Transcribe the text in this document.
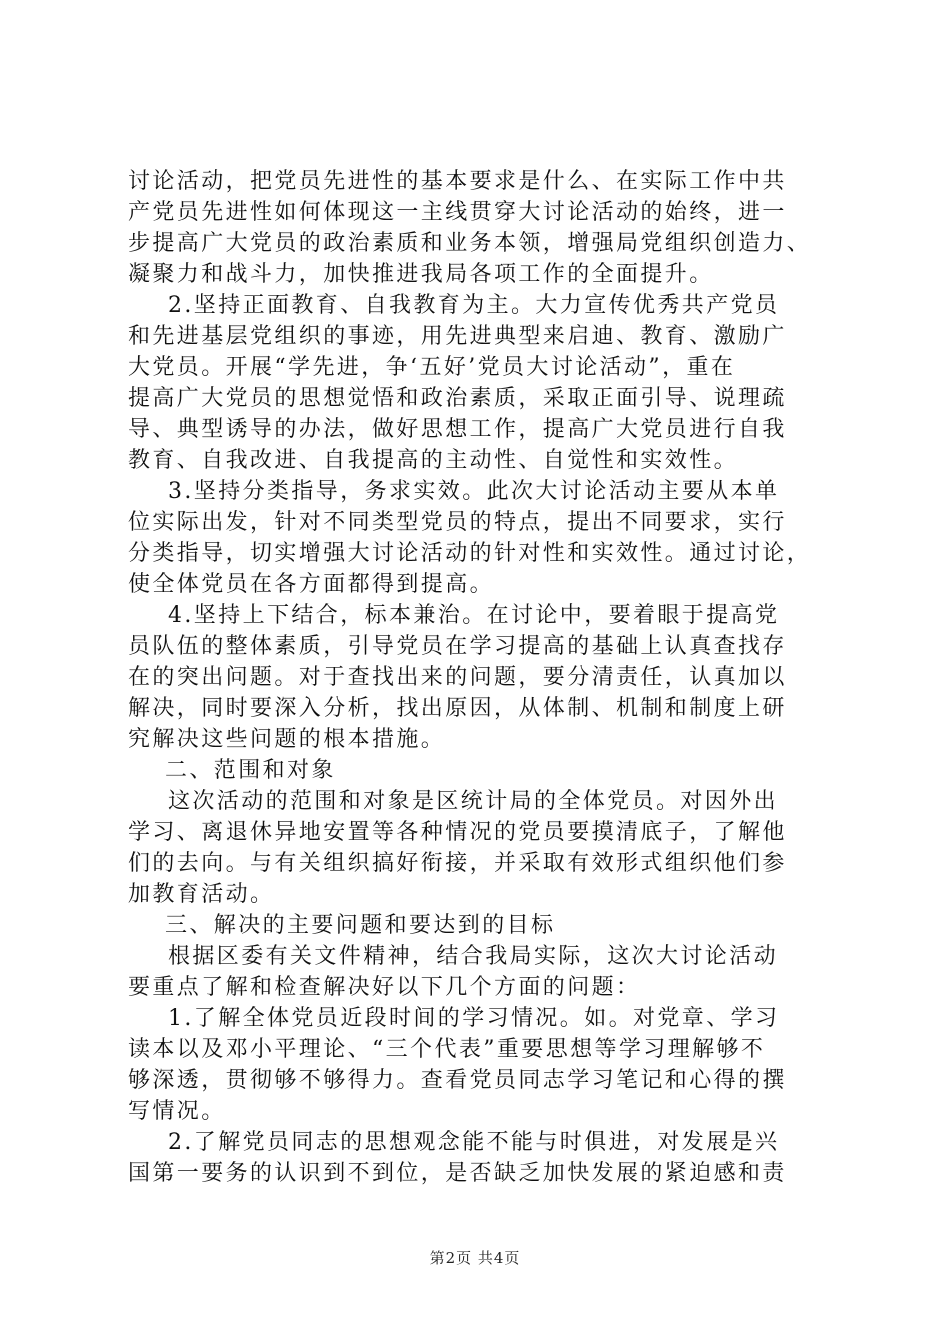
讨论活动，把党员先进性的基本要求是什么、在实际工作中共
产党员先进性如何体现这一主线贯穿大讨论活动的始终，进一
步提高广大党员的政治素质和业务本领，增强局党组织创造力、
凝聚力和战斗力，加快推进我局各项工作的全面提升。
2.坚持正面教育、自我教育为主。大力宣传优秀共产党员
和先进基层党组织的事迹，用先进典型来启迪、教育、激励广
大党员。开展“学先进，争‘五好’党员大讨论活动”，重在
提高广大党员的思想觉悟和政治素质，采取正面引导、说理疏
导、典型诱导的办法，做好思想工作，提高广大党员进行自我
教育、自我改进、自我提高的主动性、自觉性和实效性。
3.坚持分类指导，务求实效。此次大讨论活动主要从本单
位实际出发，针对不同类型党员的特点，提出不同要求，实行
分类指导，切实增强大讨论活动的针对性和实效性。通过讨论，
使全体党员在各方面都得到提高。
4.坚持上下结合，标本兼治。在讨论中，要着眼于提高党
员队伍的整体素质，引导党员在学习提高的基础上认真查找存
在的突出问题。对于查找出来的问题，要分清责任，认真加以
解决，同时要深入分析，找出原因，从体制、机制和制度上研
究解决这些问题的根本措施。
二、范围和对象
这次活动的范围和对象是区统计局的全体党员。对因外出
学习、离退休异地安置等各种情况的党员要摸清底子，了解他
们的去向。与有关组织搞好衔接，并采取有效形式组织他们参
加教育活动。
三、解决的主要问题和要达到的目标
根据区委有关文件精神，结合我局实际，这次大讨论活动
要重点了解和检查解决好以下几个方面的问题：
1.了解全体党员近段时间的学习情况。如。对党章、学习
读本以及邓小平理论、“三个代表”重要思想等学习理解够不
够深透，贯彻够不够得力。查看党员同志学习笔记和心得的撰
写情况。
2.了解党员同志的思想观念能不能与时俱进，对发展是兴
国第一要务的认识到不到位，是否缺乏加快发展的紧迫感和责
第2页 共4页
